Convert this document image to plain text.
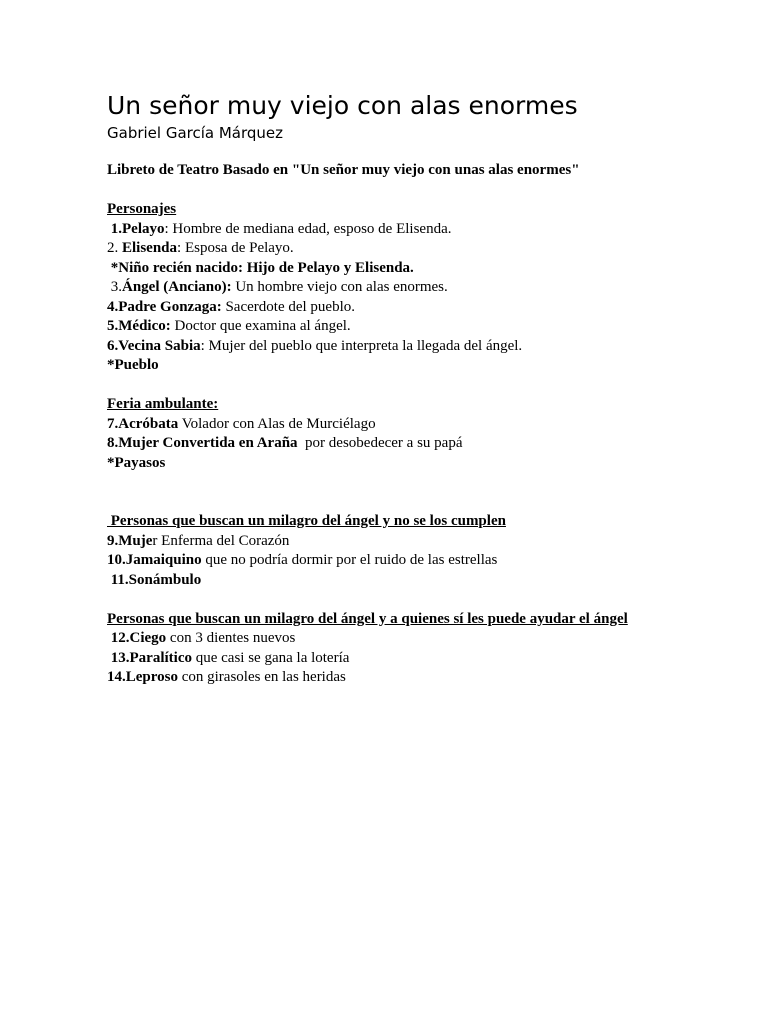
Un señor muy viejo con alas enormes
Gabriel García Márquez
Libreto de Teatro Basado en "Un señor muy viejo con unas alas enormes"
Personajes
1.Pelayo: Hombre de mediana edad, esposo de Elisenda.
2. Elisenda: Esposa de Pelayo.
*Niño recién nacido: Hijo de Pelayo y Elisenda.
3.Ángel (Anciano): Un hombre viejo con alas enormes.
4.Padre Gonzaga: Sacerdote del pueblo.
5.Médico: Doctor que examina al ángel.
6.Vecina Sabia: Mujer del pueblo que interpreta la llegada del ángel.
*Pueblo
Feria ambulante:
7.Acróbata Volador con Alas de Murciélago
8.Mujer Convertida en Araña  por desobedecer a su papá
*Payasos
Personas que buscan un milagro del ángel y no se los cumplen
9.Mujer Enferma del Corazón
10.Jamaiquino que no podría dormir por el ruido de las estrellas
11.Sonámbulo
Personas que buscan un milagro del ángel y a quienes sí les puede ayudar el ángel
12.Ciego con 3 dientes nuevos
13.Paralítico que casi se gana la lotería
14.Leproso con girasoles en las heridas
